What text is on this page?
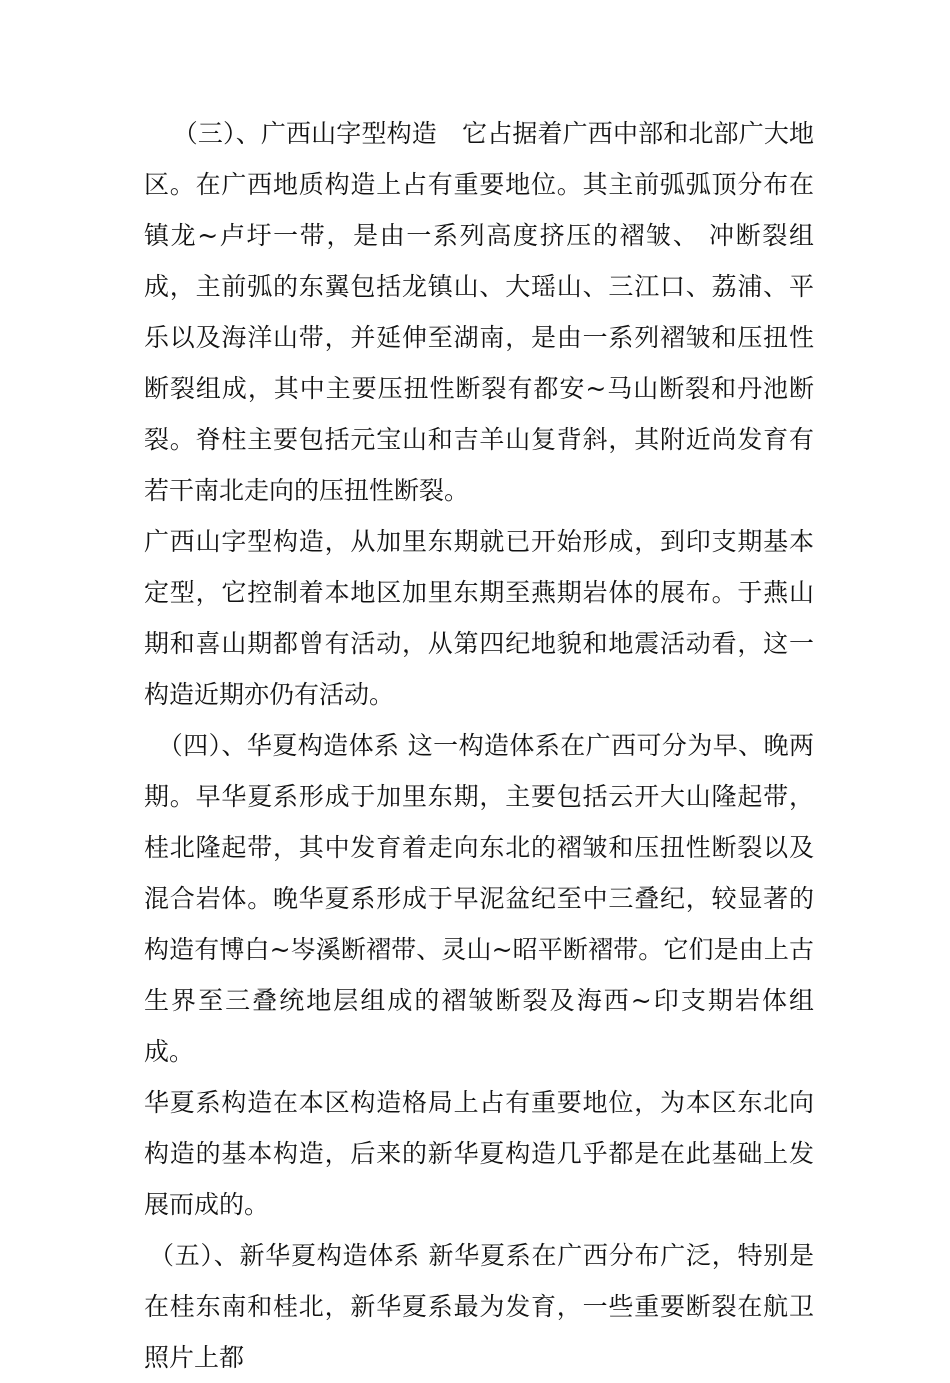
（三）、广西山字型构造　它占据着广西中部和北部广大地区。在广西地质构造上占有重要地位。其主前弧弧顶分布在镇龙~卢圩一带，是由一系列高度挤压的褶皱、 冲断裂组成，主前弧的东翼包括龙镇山、大瑶山、三江口、荔浦、平乐以及海洋山带，并延伸至湖南，是由一系列褶皱和压扭性断裂组成，其中主要压扭性断裂有都安~马山断裂和丹池断裂。脊柱主要包括元宝山和吉羊山复背斜，其附近尚发育有若干南北走向的压扭性断裂。

广西山字型构造，从加里东期就已开始形成，到印支期基本定型，它控制着本地区加里东期至燕期岩体的展布。于燕山期和喜山期都曾有活动，从第四纪地貌和地震活动看，这一构造近期亦仍有活动。

（四）、华夏构造体系 这一构造体系在广西可分为早、晚两期。早华夏系形成于加里东期，主要包括云开大山隆起带，桂北隆起带，其中发育着走向东北的褶皱和压扭性断裂以及混合岩体。晚华夏系形成于早泥盆纪至中三叠纪，较显著的构造有博白~岑溪断褶带、灵山~昭平断褶带。它们是由上古生界至三叠统地层组成的褶皱断裂及海西~印支期岩体组成。

华夏系构造在本区构造格局上占有重要地位，为本区东北向构造的基本构造，后来的新华夏构造几乎都是在此基础上发展而成的。

（五）、新华夏构造体系 新华夏系在广西分布广泛，特别是在桂东南和桂北，新华夏系最为发育，一些重要断裂在航卫照片上都
